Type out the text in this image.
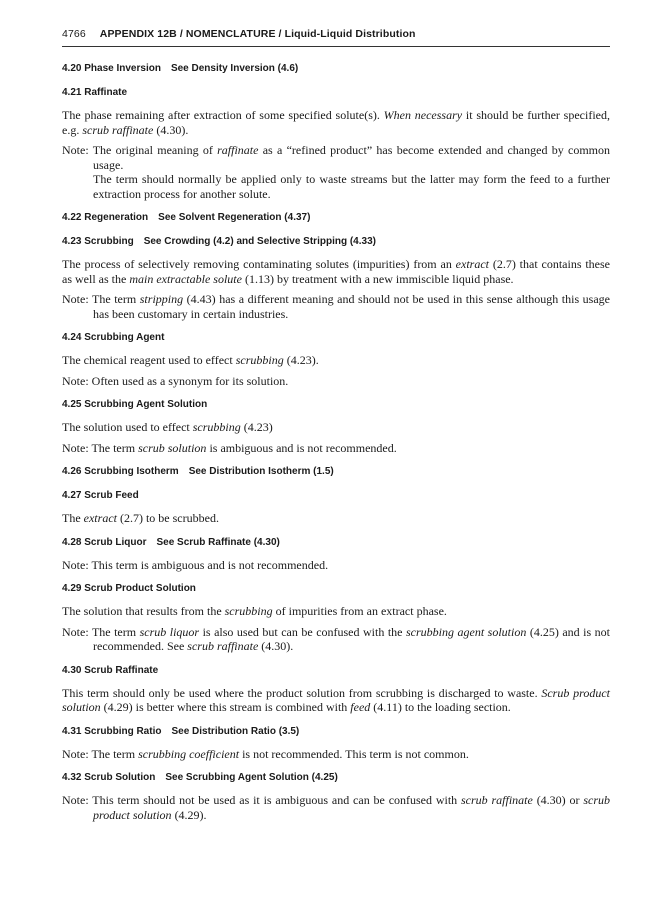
4766 APPENDIX 12B / NOMENCLATURE / Liquid-Liquid Distribution
4.20 Phase Inversion See Density Inversion (4.6)
4.21 Raffinate

The phase remaining after extraction of some specified solute(s). When necessary it should be further specified, e.g. scrub raffinate (4.30).

Note: The original meaning of raffinate as a “refined product” has become extended and changed by common usage.
The term should normally be applied only to waste streams but the latter may form the feed to a further extraction process for another solute.

4.22 Regeneration See Solvent Regeneration (4.37)
4.23 Scrubbing See Crowding (4.2) and Selective Stripping (4.33)

The process of selectively removing contaminating solutes (impurities) from an extract (2.7) that contains these as well as the main extractable solute (1.13) by treatment with a new immiscible liquid phase.

Note: The term stripping (4.43) has a different meaning and should not be used in this sense although this usage has been customary in certain industries.

4.24 Scrubbing Agent

The chemical reagent used to effect scrubbing (4.23).

Note: Often used as a synonym for its solution.

4.25 Scrubbing Agent Solution

The solution used to effect scrubbing (4.23)

Note: The term scrub solution is ambiguous and is not recommended.

4.26 Scrubbing Isotherm See Distribution Isotherm (1.5)
4.27 Scrub Feed

The extract (2.7) to be scrubbed.

4.28 Scrub Liquor See Scrub Raffinate (4.30)

Note: This term is ambiguous and is not recommended.

4.29 Scrub Product Solution

The solution that results from the scrubbing of impurities from an extract phase.

Note: The term scrub liquor is also used but can be confused with the scrubbing agent solution (4.25) and is not recommended. See scrub raffinate (4.30).

4.30 Scrub Raffinate

This term should only be used where the product solution from scrubbing is discharged to waste. Scrub product solution (4.29) is better where this stream is combined with feed (4.11) to the loading section.

4.31 Scrubbing Ratio See Distribution Ratio (3.5)

Note: The term scrubbing coefficient is not recommended. This term is not common.

4.32 Scrub Solution See Scrubbing Agent Solution (4.25)

Note: This term should not be used as it is ambiguous and can be confused with scrub raffinate (4.30) or scrub product solution (4.29).
